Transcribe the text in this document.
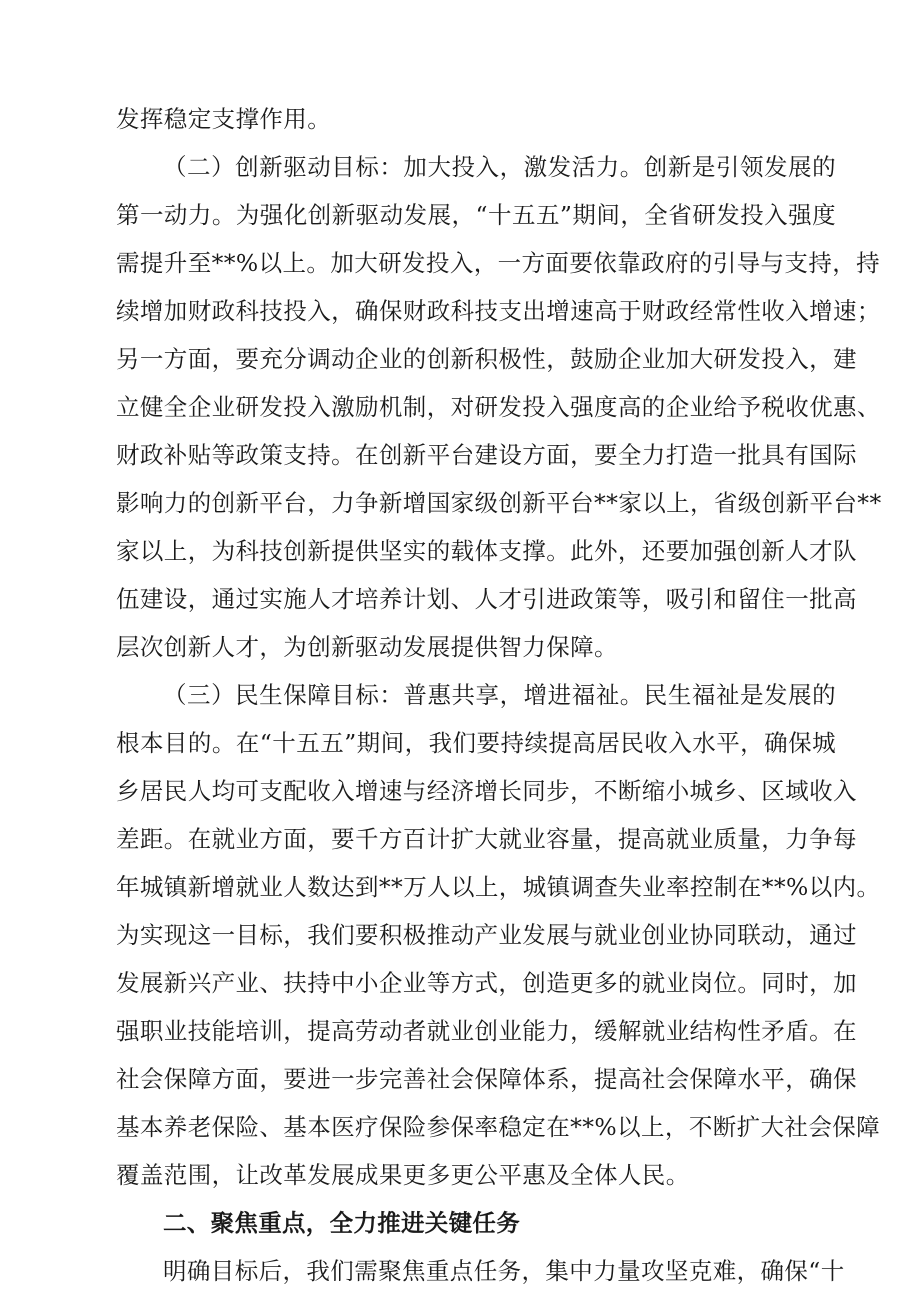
发挥稳定支撑作用。
（二）创新驱动目标：加大投入，激发活力。创新是引领发展的
第一动力。为强化创新驱动发展，“十五五”期间，全省研发投入强度
需提升至**%以上。加大研发投入，一方面要依靠政府的引导与支持，持
续增加财政科技投入，确保财政科技支出增速高于财政经常性收入增速；
另一方面，要充分调动企业的创新积极性，鼓励企业加大研发投入，建
立健全企业研发投入激励机制，对研发投入强度高的企业给予税收优惠、
财政补贴等政策支持。在创新平台建设方面，要全力打造一批具有国际
影响力的创新平台，力争新增国家级创新平台**家以上，省级创新平台**
家以上，为科技创新提供坚实的载体支撑。此外，还要加强创新人才队
伍建设，通过实施人才培养计划、人才引进政策等，吸引和留住一批高
层次创新人才，为创新驱动发展提供智力保障。
（三）民生保障目标：普惠共享，增进福祉。民生福祉是发展的
根本目的。在“十五五”期间，我们要持续提高居民收入水平，确保城
乡居民人均可支配收入增速与经济增长同步，不断缩小城乡、区域收入
差距。在就业方面，要千方百计扩大就业容量，提高就业质量，力争每
年城镇新增就业人数达到**万人以上，城镇调查失业率控制在**%以内。
为实现这一目标，我们要积极推动产业发展与就业创业协同联动，通过
发展新兴产业、扶持中小企业等方式，创造更多的就业岗位。同时，加
强职业技能培训，提高劳动者就业创业能力，缓解就业结构性矛盾。在
社会保障方面，要进一步完善社会保障体系，提高社会保障水平，确保
基本养老保险、基本医疗保险参保率稳定在**%以上，不断扩大社会保障
覆盖范围，让改革发展成果更多更公平惠及全体人民。
二、聚焦重点，全力推进关键任务
明确目标后，我们需聚焦重点任务，集中力量攻坚克难，确保“十
